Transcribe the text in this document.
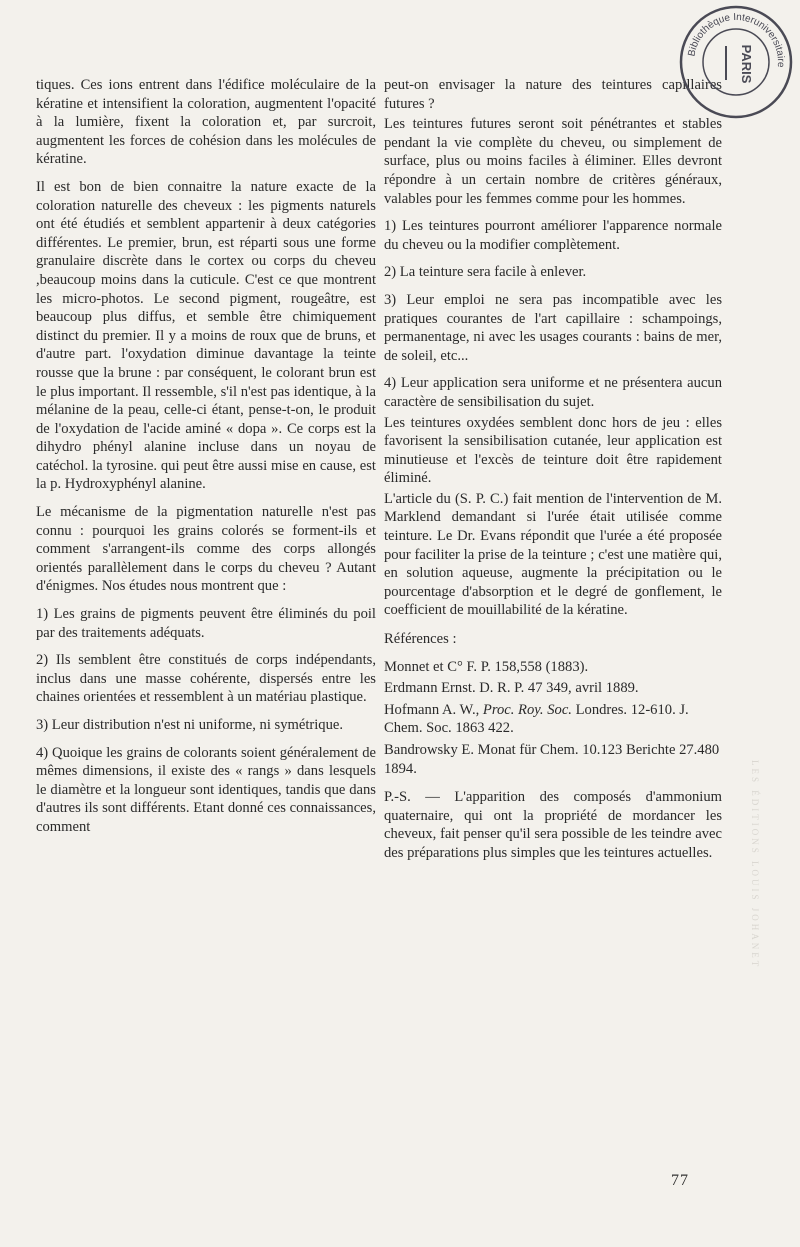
tiques. Ces ions entrent dans l'édifice moléculaire de la kératine et intensifient la coloration, augmentent l'opacité à la lumière, fixent la coloration et, par surcroit, augmentent les forces de cohésion dans les molécules de kératine.

Il est bon de bien connaitre la nature exacte de la coloration naturelle des cheveux : les pigments naturels ont été étudiés et semblent appartenir à deux catégories différentes. Le premier, brun, est réparti sous une forme granulaire discrète dans le cortex ou corps du cheveu ,beaucoup moins dans la cuticule. C'est ce que montrent les micro-photos. Le second pigment, rougeâtre, est beaucoup plus diffus, et semble être chimiquement distinct du premier. Il y a moins de roux que de bruns, et d'autre part. l'oxydation diminue davantage la teinte rousse que la brune : par conséquent, le colorant brun est le plus important. Il ressemble, s'il n'est pas identique, à la mélanine de la peau, celle-ci étant, pense-t-on, le produit de l'oxydation de l'acide aminé « dopa ». Ce corps est la dihydro phényl alanine incluse dans un noyau de catéchol. la tyrosine. qui peut être aussi mise en cause, est la p. Hydroxyphényl alanine.

Le mécanisme de la pigmentation naturelle n'est pas connu : pourquoi les grains colorés se forment-ils et comment s'arrangent-ils comme des corps allongés orientés parallèlement dans le corps du cheveu ? Autant d'énigmes. Nos études nous montrent que :

1) Les grains de pigments peuvent être éliminés du poil par des traitements adéquats.

2) Ils semblent être constitués de corps indépendants, inclus dans une masse cohérente, dispersés entre les chaines orientées et ressemblent à un matériau plastique.

3) Leur distribution n'est ni uniforme, ni symétrique.

4) Quoique les grains de colorants soient généralement de mêmes dimensions, il existe des « rangs » dans lesquels le diamètre et la longueur sont identiques, tandis que dans d'autres ils sont différents. Etant donné ces connaissances, comment

peut-on envisager la nature des teintures capillaires futures ?

Les teintures futures seront soit pénétrantes et stables pendant la vie complète du cheveu, ou simplement de surface, plus ou moins faciles à éliminer. Elles devront répondre à un certain nombre de critères généraux, valables pour les femmes comme pour les hommes.

1) Les teintures pourront améliorer l'apparence normale du cheveu ou la modifier complètement.

2) La teinture sera facile à enlever.

3) Leur emploi ne sera pas incompatible avec les pratiques courantes de l'art capillaire : schampoings, permanentage, ni avec les usages courants : bains de mer, de soleil, etc...

4) Leur application sera uniforme et ne présentera aucun caractère de sensibilisation du sujet.

Les teintures oxydées semblent donc hors de jeu : elles favorisent la sensibilisation cutanée, leur application est minutieuse et l'excès de teinture doit être rapidement éliminé.

L'article du (S. P. C.) fait mention de l'intervention de M. Marklend demandant si l'urée était utilisée comme teinture. Le Dr. Evans répondit que l'urée a été proposée pour faciliter la prise de la teinture ; c'est une matière qui, en solution aqueuse, augmente la précipitation ou le pourcentage d'absorption et le degré de gonflement, le coefficient de mouillabilité de la kératine.

Références :

Monnet et C° F. P. 158,558 (1883).

Erdmann Ernst. D. R. P. 47 349, avril 1889.

Hofmann A. W., Proc. Roy. Soc. Londres. 12-610. J. Chem. Soc. 1863 422.

Bandrowsky E. Monat für Chem. 10.123 Berichte 27.480 1894.

P.-S. — L'apparition des composés d'ammonium quaternaire, qui ont la propriété de mordancer les cheveux, fait penser qu'il sera possible de les teindre avec des préparations plus simples que les teintures actuelles.

Bibliothèque Interuniversitaire
PARIS
LES ÉDITIONS LOUIS JOHANET
77
